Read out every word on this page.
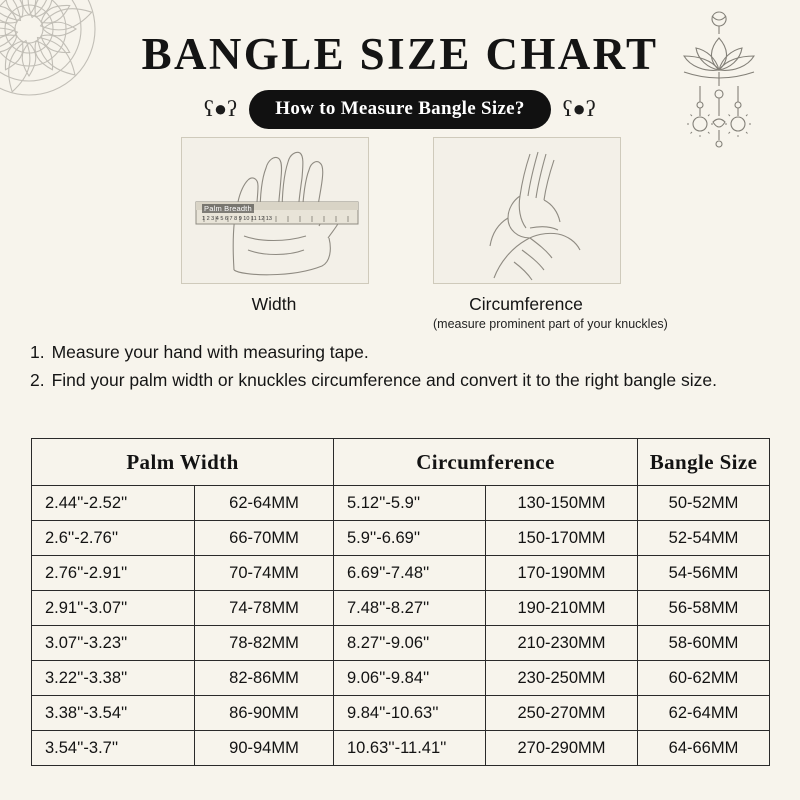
BANGLE SIZE CHART
ʕ●ʔ	How to Measure Bangle Size?	ʕ●ʔ
1 2 3 4 5 6 7 8 9 10 11 12 13
Palm Breadth
Width	Circumference
(measure prominent part of your knuckles)
1. Measure your hand with measuring tape.
2. Find your palm width or knuckles circumference and convert it to the right bangle size.
Palm Width		Circumference		Bangle Size
2.44''-2.52''	62-64MM	5.12''-5.9''	130-150MM	50-52MM
2.6''-2.76''	66-70MM	5.9''-6.69''	150-170MM	52-54MM
2.76''-2.91''	70-74MM	6.69''-7.48''	170-190MM	54-56MM
2.91''-3.07''	74-78MM	7.48''-8.27''	190-210MM	56-58MM
3.07''-3.23''	78-82MM	8.27''-9.06''	210-230MM	58-60MM
3.22''-3.38''	82-86MM	9.06''-9.84''	230-250MM	60-62MM
3.38''-3.54''	86-90MM	9.84''-10.63''	250-270MM	62-64MM
3.54''-3.7''	90-94MM	10.63''-11.41''	270-290MM	64-66MM
